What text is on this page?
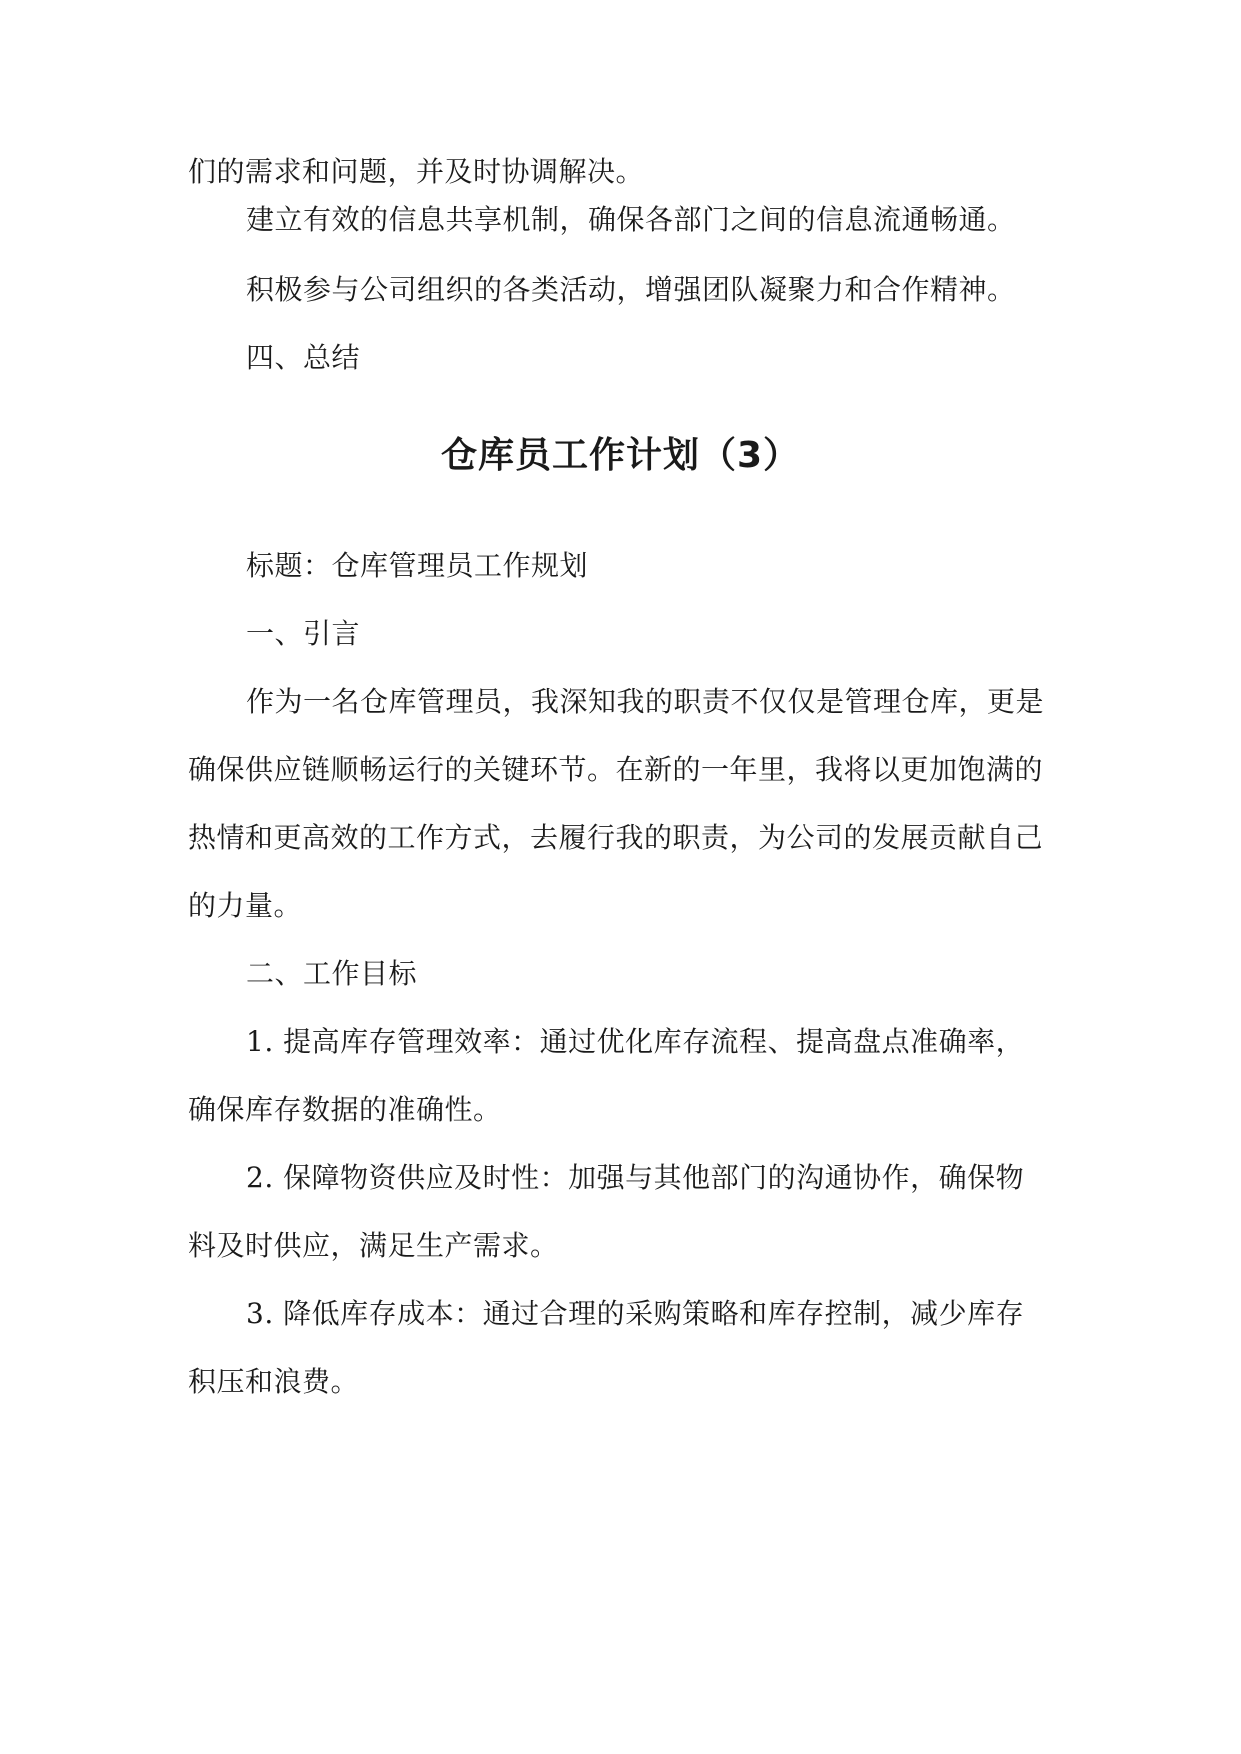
们的需求和问题，并及时协调解决。
建立有效的信息共享机制，确保各部门之间的信息流通畅通。
积极参与公司组织的各类活动，增强团队凝聚力和合作精神。
四、总结
仓库员工作计划（3）
标题：仓库管理员工作规划
一、引言
作为一名仓库管理员，我深知我的职责不仅仅是管理仓库，更是
确保供应链顺畅运行的关键环节。在新的一年里，我将以更加饱满的
热情和更高效的工作方式，去履行我的职责，为公司的发展贡献自己
的力量。
二、工作目标
1. 提高库存管理效率：通过优化库存流程、提高盘点准确率，
确保库存数据的准确性。
2. 保障物资供应及时性：加强与其他部门的沟通协作，确保物
料及时供应，满足生产需求。
3. 降低库存成本：通过合理的采购策略和库存控制，减少库存
积压和浪费。
